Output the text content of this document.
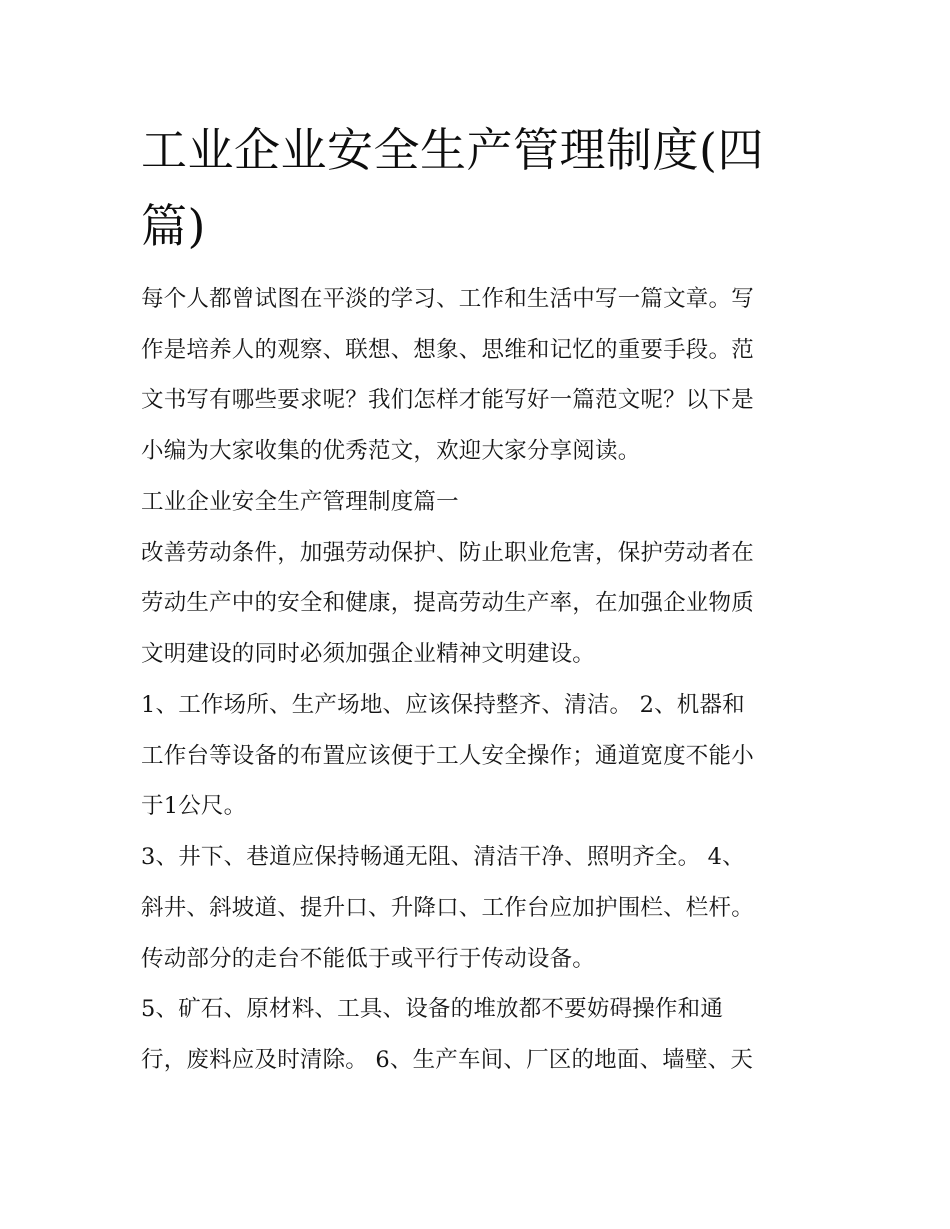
工业企业安全生产管理制度(四篇)

每个人都曾试图在平淡的学习、工作和生活中写一篇文章。写

作是培养人的观察、联想、想象、思维和记忆的重要手段。范

文书写有哪些要求呢？我们怎样才能写好一篇范文呢？以下是

小编为大家收集的优秀范文，欢迎大家分享阅读。

工业企业安全生产管理制度篇一

改善劳动条件，加强劳动保护、防止职业危害，保护劳动者在

劳动生产中的安全和健康，提高劳动生产率，在加强企业物质

文明建设的同时必须加强企业精神文明建设。

1、工作场所、生产场地、应该保持整齐、清洁。 2、机器和

工作台等设备的布置应该便于工人安全操作；通道宽度不能小

于1公尺。

3、井下、巷道应保持畅通无阻、清洁干净、照明齐全。 4、

斜井、斜坡道、提升口、升降口、工作台应加护围栏、栏杆。

传动部分的走台不能低于或平行于传动设备。

5、矿石、原材料、工具、设备的堆放都不要妨碍操作和通

行，废料应及时清除。 6、生产车间、厂区的地面、墙壁、天
